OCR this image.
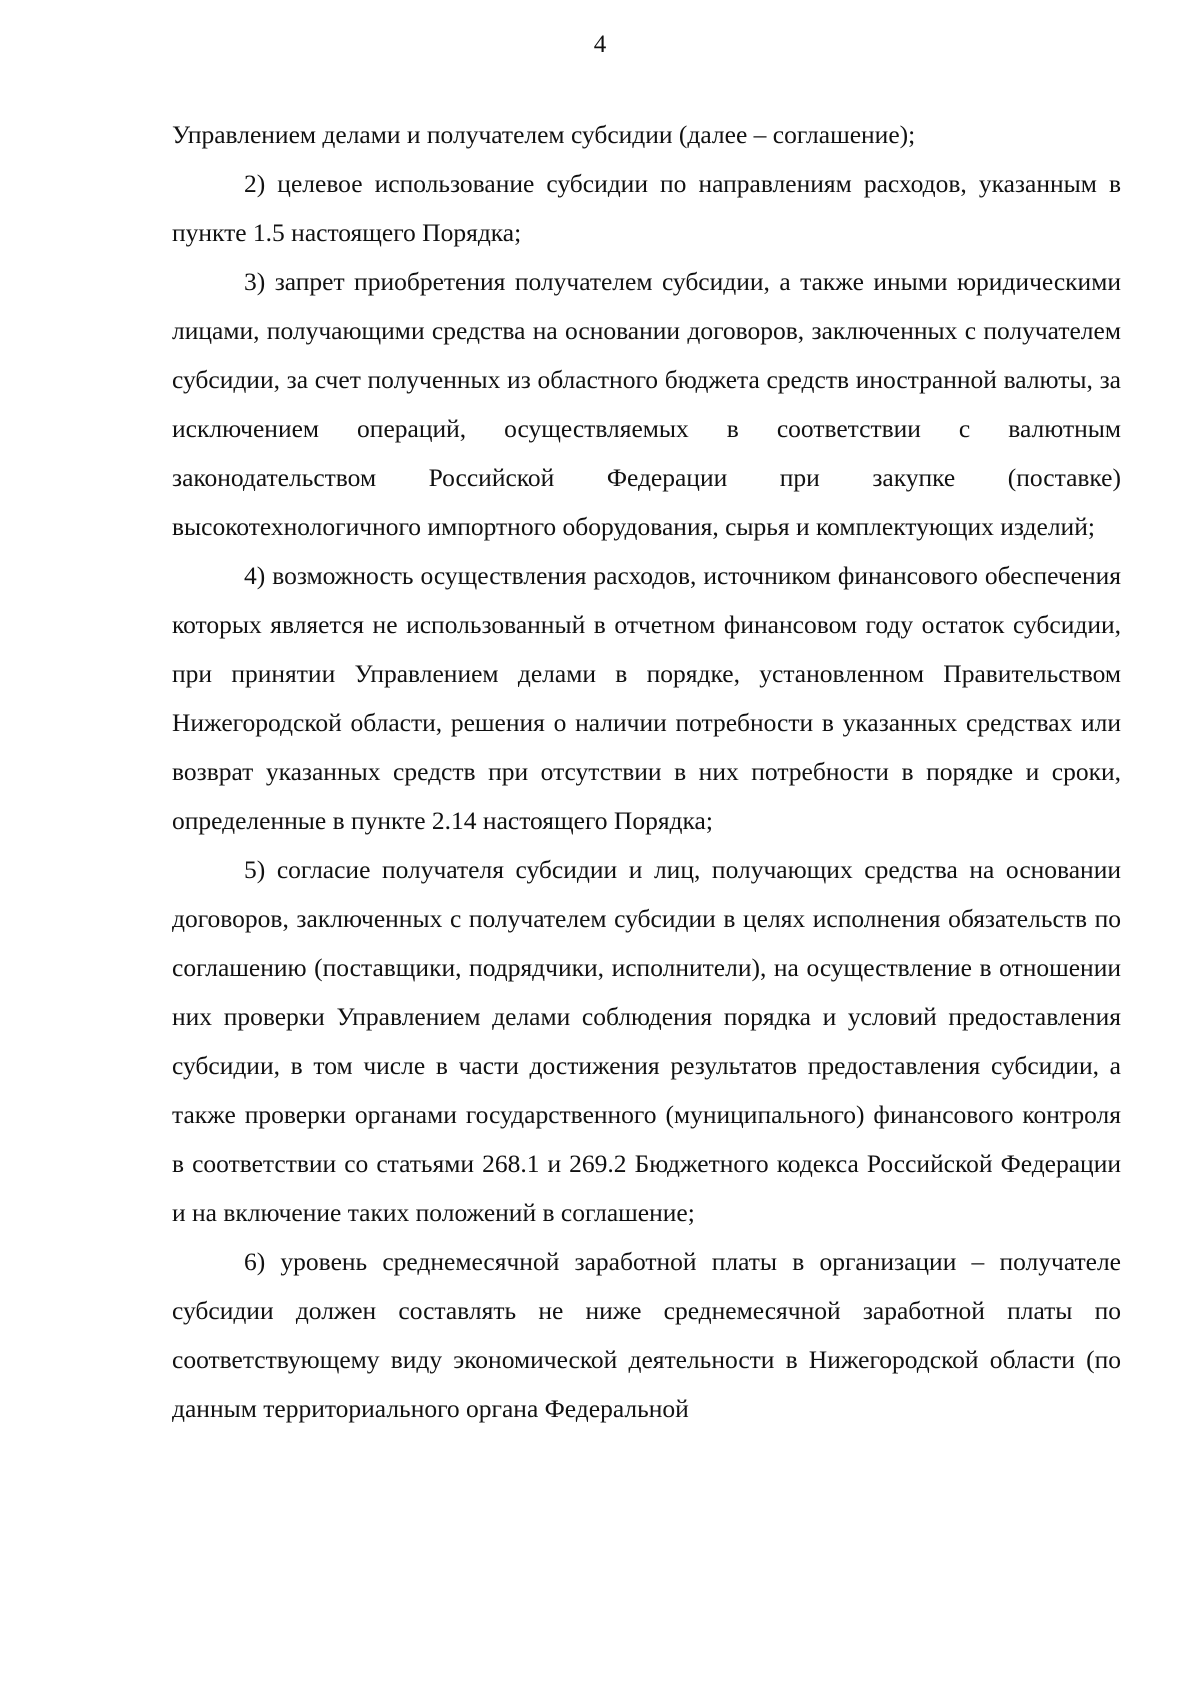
4

Управлением делами и получателем субсидии (далее – соглашение);

2) целевое использование субсидии по направлениям расходов, указанным в пункте 1.5 настоящего Порядка;

3) запрет приобретения получателем субсидии, а также иными юридическими лицами, получающими средства на основании договоров, заключенных с получателем субсидии, за счет полученных из областного бюджета средств иностранной валюты, за исключением операций, осуществляемых в соответствии с валютным законодательством Российской Федерации при закупке (поставке) высокотехнологичного импортного оборудования, сырья и комплектующих изделий;

4) возможность осуществления расходов, источником финансового обеспечения которых является не использованный в отчетном финансовом году остаток субсидии, при принятии Управлением делами в порядке, установленном Правительством Нижегородской области, решения о наличии потребности в указанных средствах или возврат указанных средств при отсутствии в них потребности в порядке и сроки, определенные в пункте 2.14 настоящего Порядка;

5) согласие получателя субсидии и лиц, получающих средства на основании договоров, заключенных с получателем субсидии в целях исполнения обязательств по соглашению (поставщики, подрядчики, исполнители), на осуществление в отношении них проверки Управлением делами соблюдения порядка и условий предоставления субсидии, в том числе в части достижения результатов предоставления субсидии, а также проверки органами государственного (муниципального) финансового контроля в соответствии со статьями 268.1 и 269.2 Бюджетного кодекса Российской Федерации и на включение таких положений в соглашение;

6) уровень среднемесячной заработной платы в организации – получателе субсидии должен составлять не ниже среднемесячной заработной платы по соответствующему виду экономической деятельности в Нижегородской области (по данным территориального органа Федеральной
